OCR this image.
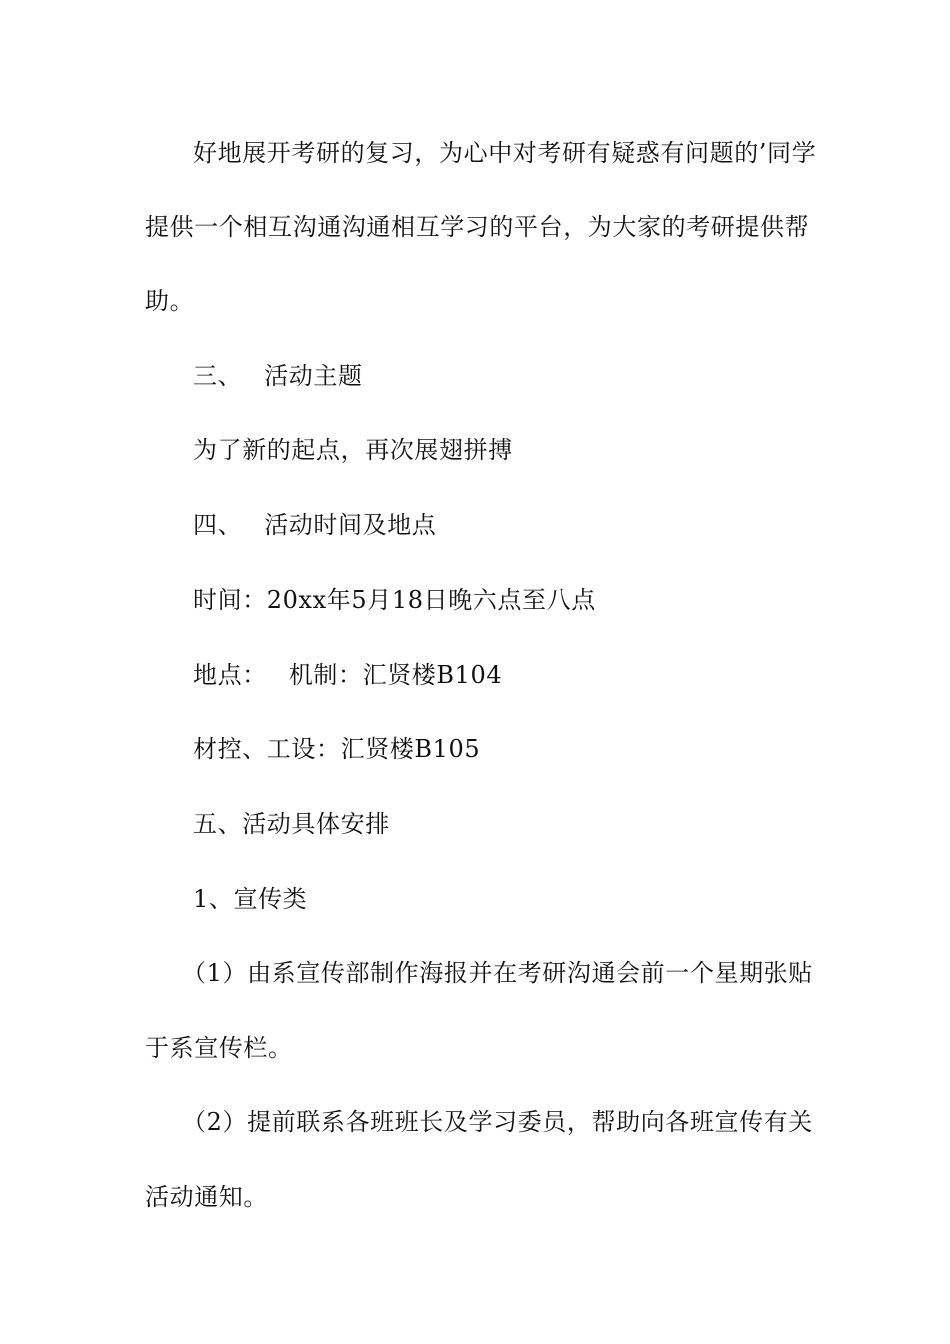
好地展开考研的复习，为心中对考研有疑惑有问题的’同学
提供一个相互沟通沟通相互学习的平台，为大家的考研提供帮
助。
三、 活动主题
为了新的起点，再次展翅拼搏
四、 活动时间及地点
时间：20xx年5月18日晚六点至八点
地点： 机制：汇贤楼B104
材控、工设：汇贤楼B105
五、活动具体安排
1、宣传类
（1）由系宣传部制作海报并在考研沟通会前一个星期张贴
于系宣传栏。
（2）提前联系各班班长及学习委员，帮助向各班宣传有关
活动通知。
